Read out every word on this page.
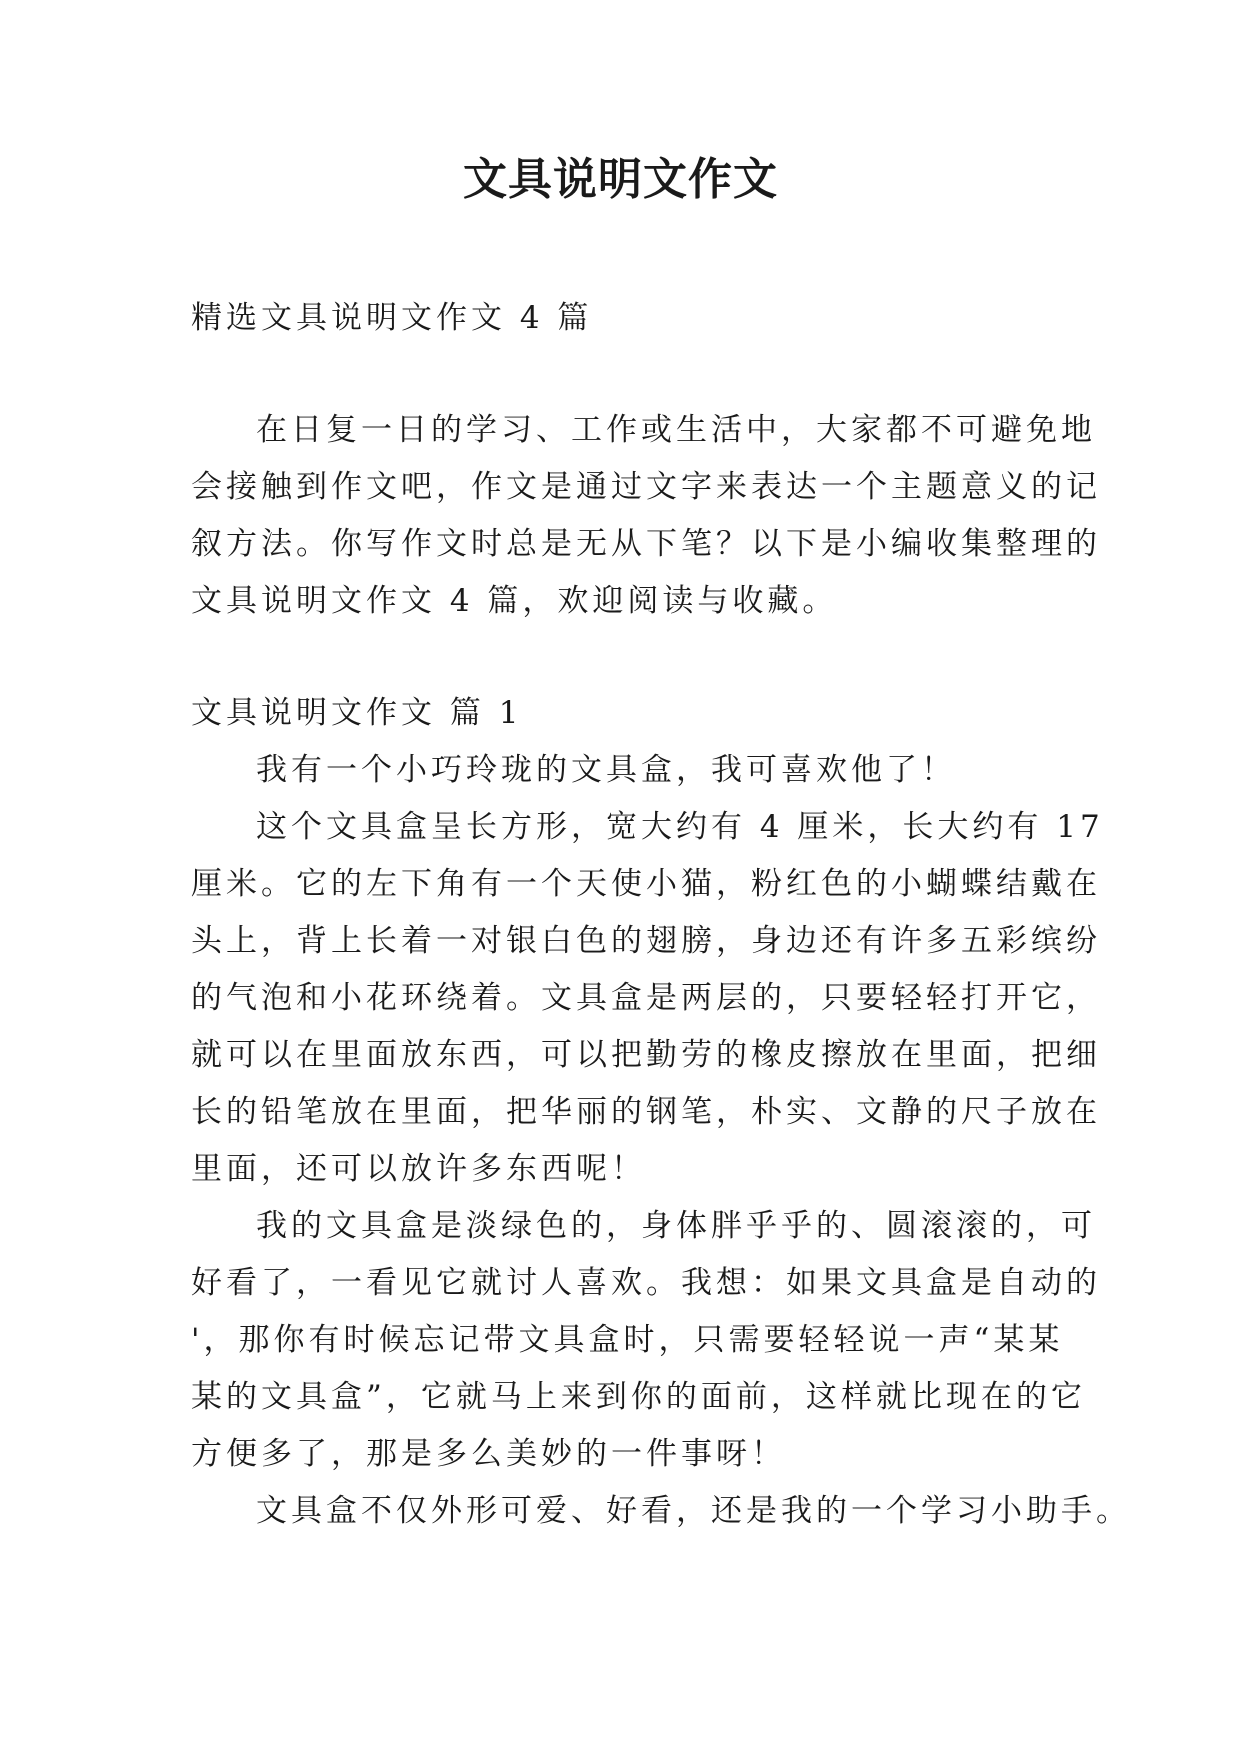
文具说明文作文
精选文具说明文作文 4 篇
在日复一日的学习、工作或生活中，大家都不可避免地
会接触到作文吧，作文是通过文字来表达一个主题意义的记
叙方法。你写作文时总是无从下笔？以下是小编收集整理的
文具说明文作文 4 篇，欢迎阅读与收藏。
文具说明文作文 篇 1
我有一个小巧玲珑的文具盒，我可喜欢他了！
这个文具盒呈长方形，宽大约有 4 厘米，长大约有 17
厘米。它的左下角有一个天使小猫，粉红色的小蝴蝶结戴在
头上，背上长着一对银白色的翅膀，身边还有许多五彩缤纷
的气泡和小花环绕着。文具盒是两层的，只要轻轻打开它，
就可以在里面放东西，可以把勤劳的橡皮擦放在里面，把细
长的铅笔放在里面，把华丽的钢笔，朴实、文静的尺子放在
里面，还可以放许多东西呢！
我的文具盒是淡绿色的，身体胖乎乎的、圆滚滚的，可
好看了，一看见它就讨人喜欢。我想：如果文具盒是自动的
'，那你有时候忘记带文具盒时，只需要轻轻说一声“某某
某的文具盒”，它就马上来到你的面前，这样就比现在的它
方便多了，那是多么美妙的一件事呀！
文具盒不仅外形可爱、好看，还是我的一个学习小助手。
